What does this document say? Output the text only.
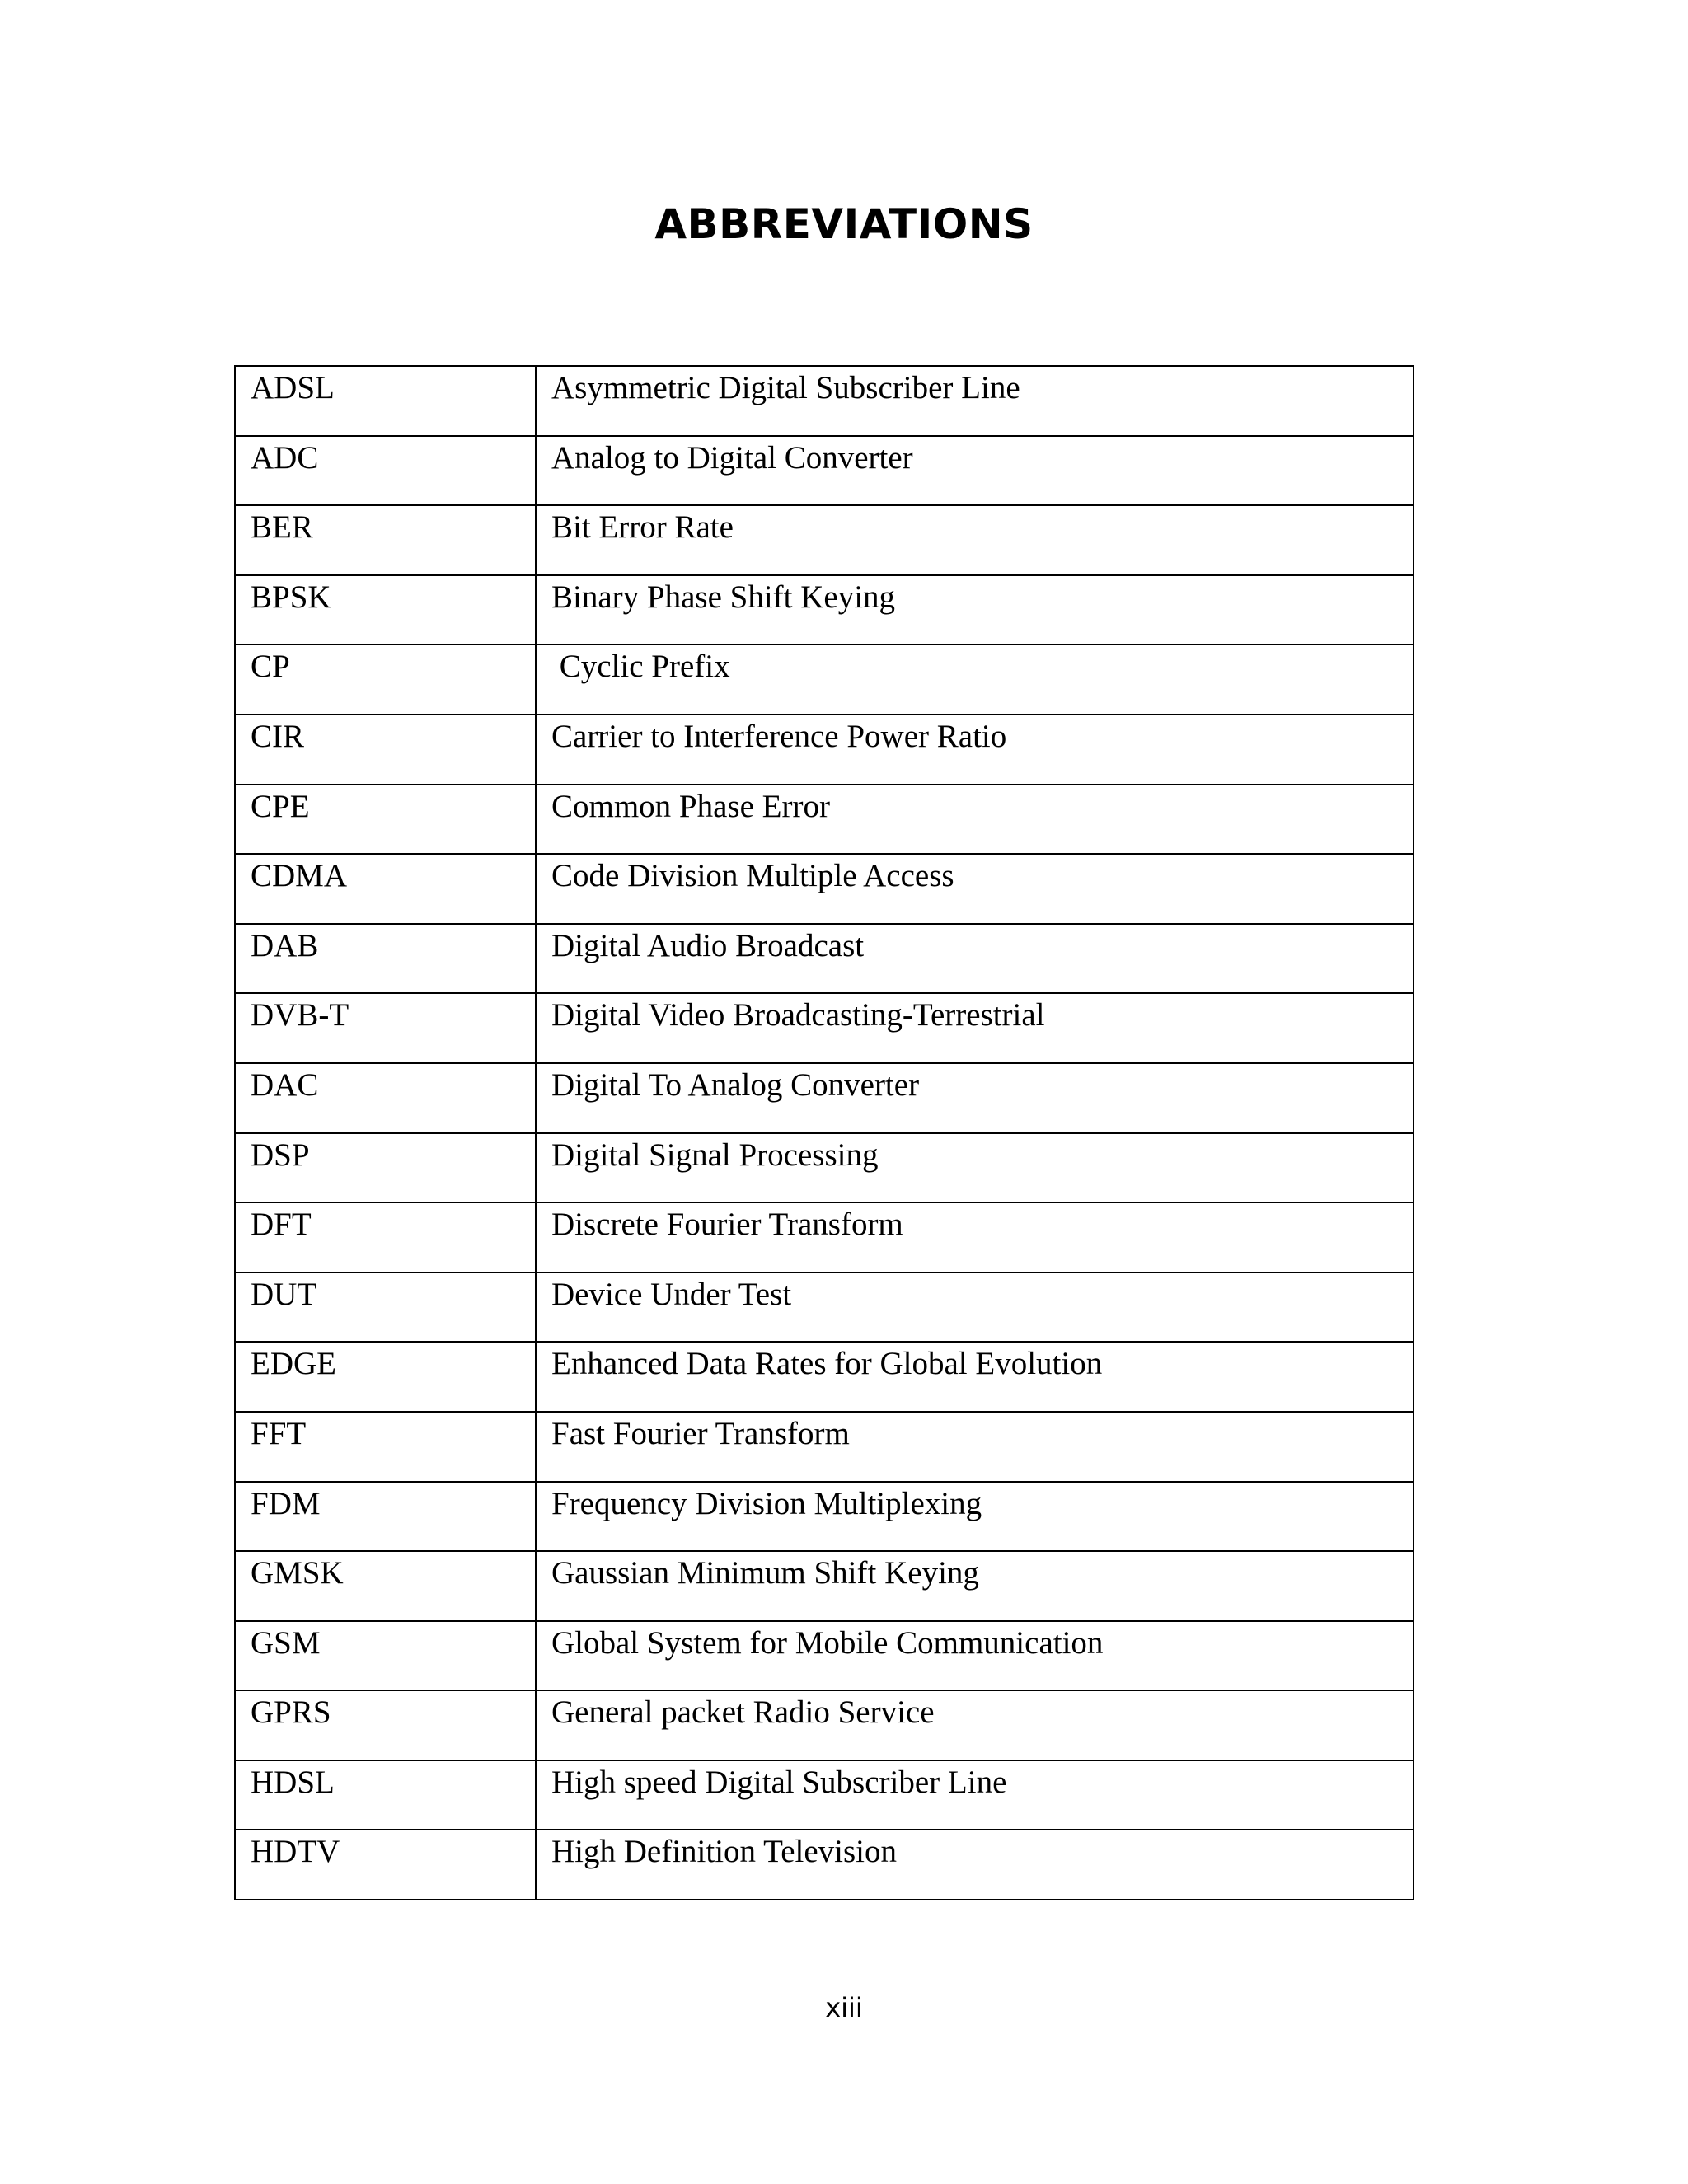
ABBREVIATIONS
ADSL	Asymmetric Digital Subscriber Line
ADC	Analog to Digital Converter
BER	Bit Error Rate
BPSK	Binary Phase Shift Keying
CP	Cyclic Prefix
CIR	Carrier to Interference Power Ratio
CPE	Common Phase Error
CDMA	Code Division Multiple Access
DAB	Digital Audio Broadcast
DVB-T	Digital Video Broadcasting-Terrestrial
DAC	Digital To Analog Converter
DSP	Digital Signal Processing
DFT	Discrete Fourier Transform
DUT	Device Under Test
EDGE	Enhanced Data Rates for Global Evolution
FFT	Fast Fourier Transform
FDM	Frequency Division Multiplexing
GMSK	Gaussian Minimum Shift Keying
GSM	Global System for Mobile Communication
GPRS	General packet Radio Service
HDSL	High speed Digital Subscriber Line
HDTV	High Definition Television
xiii
